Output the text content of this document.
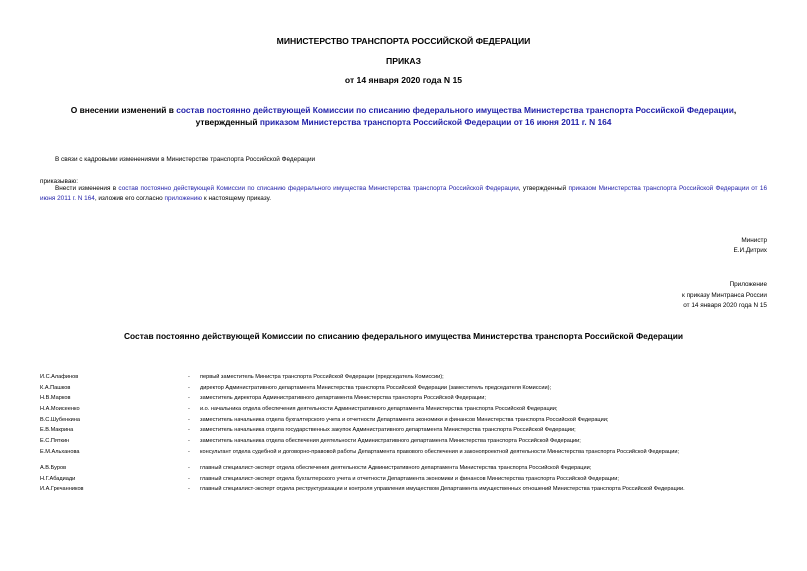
МИНИСТЕРСТВО ТРАНСПОРТА РОССИЙСКОЙ ФЕДЕРАЦИИ
ПРИКАЗ
от 14 января 2020 года N 15
О внесении изменений в состав постоянно действующей Комиссии по списанию федерального имущества Министерства транспорта Российской Федерации, утвержденный приказом Министерства транспорта Российской Федерации от 16 июня 2011 г. N 164
В связи с кадровыми изменениями в Министерстве транспорта Российской Федерации
приказываю:
Внести изменения в состав постоянно действующей Комиссии по списанию федерального имущества Министерства транспорта Российской Федерации, утвержденный приказом Министерства транспорта Российской Федерации от 16 июня 2011 г. N 164, изложив его согласно приложению к настоящему приказу.
Министр
Е.И.Дитрих
Приложение
к приказу Минтранса России
от 14 января 2020 года N 15
Состав постоянно действующей Комиссии по списанию федерального имущества Министерства транспорта Российской Федерации
И.С.Алафинов	-	первый заместитель Министра транспорта Российской Федерации (председатель Комиссии);
К.А.Пашков	-	директор Административного департамента Министерства транспорта Российской Федерации (заместитель председателя Комиссии);
Н.В.Марков	-	заместитель директора Административного департамента Министерства транспорта Российской Федерации;
Н.А.Моисеенко	-	и.о. начальника отдела обеспечения деятельности Административного департамента Министерства транспорта Российской Федерации;
В.С.Шубенкина	-	заместитель начальника отдела бухгалтерского учета и отчетности Департамента экономики и финансов Министерства транспорта Российской Федерации;
Е.В.Макрина	-	заместитель начальника отдела государственных закупок Административного департамента Министерства транспорта Российской Федерации;
Е.С.Пяткин	-	заместитель начальника отдела обеспечения деятельности Административного департамента Министерства транспорта Российской Федерации;
Е.М.Альханова	-	консультант отдела судебной и договорно-правовой работы Департамента правового обеспечения и законопроектной деятельности Министерства транспорта Российской Федерации;
А.В.Буров	-	главный специалист-эксперт отдела обеспечения деятельности Административного департамента Министерства транспорта Российской Федерации;
Н.Г.Абадиади	-	главный специалист-эксперт отдела бухгалтерского учета и отчетности Департамента экономики и финансов Министерства транспорта Российской Федерации;
И.А.Гречанников	-	главный специалист-эксперт отдела реструктуризации и контроля управления имуществом Департамента имущественных отношений Министерства транспорта Российской Федерации.
